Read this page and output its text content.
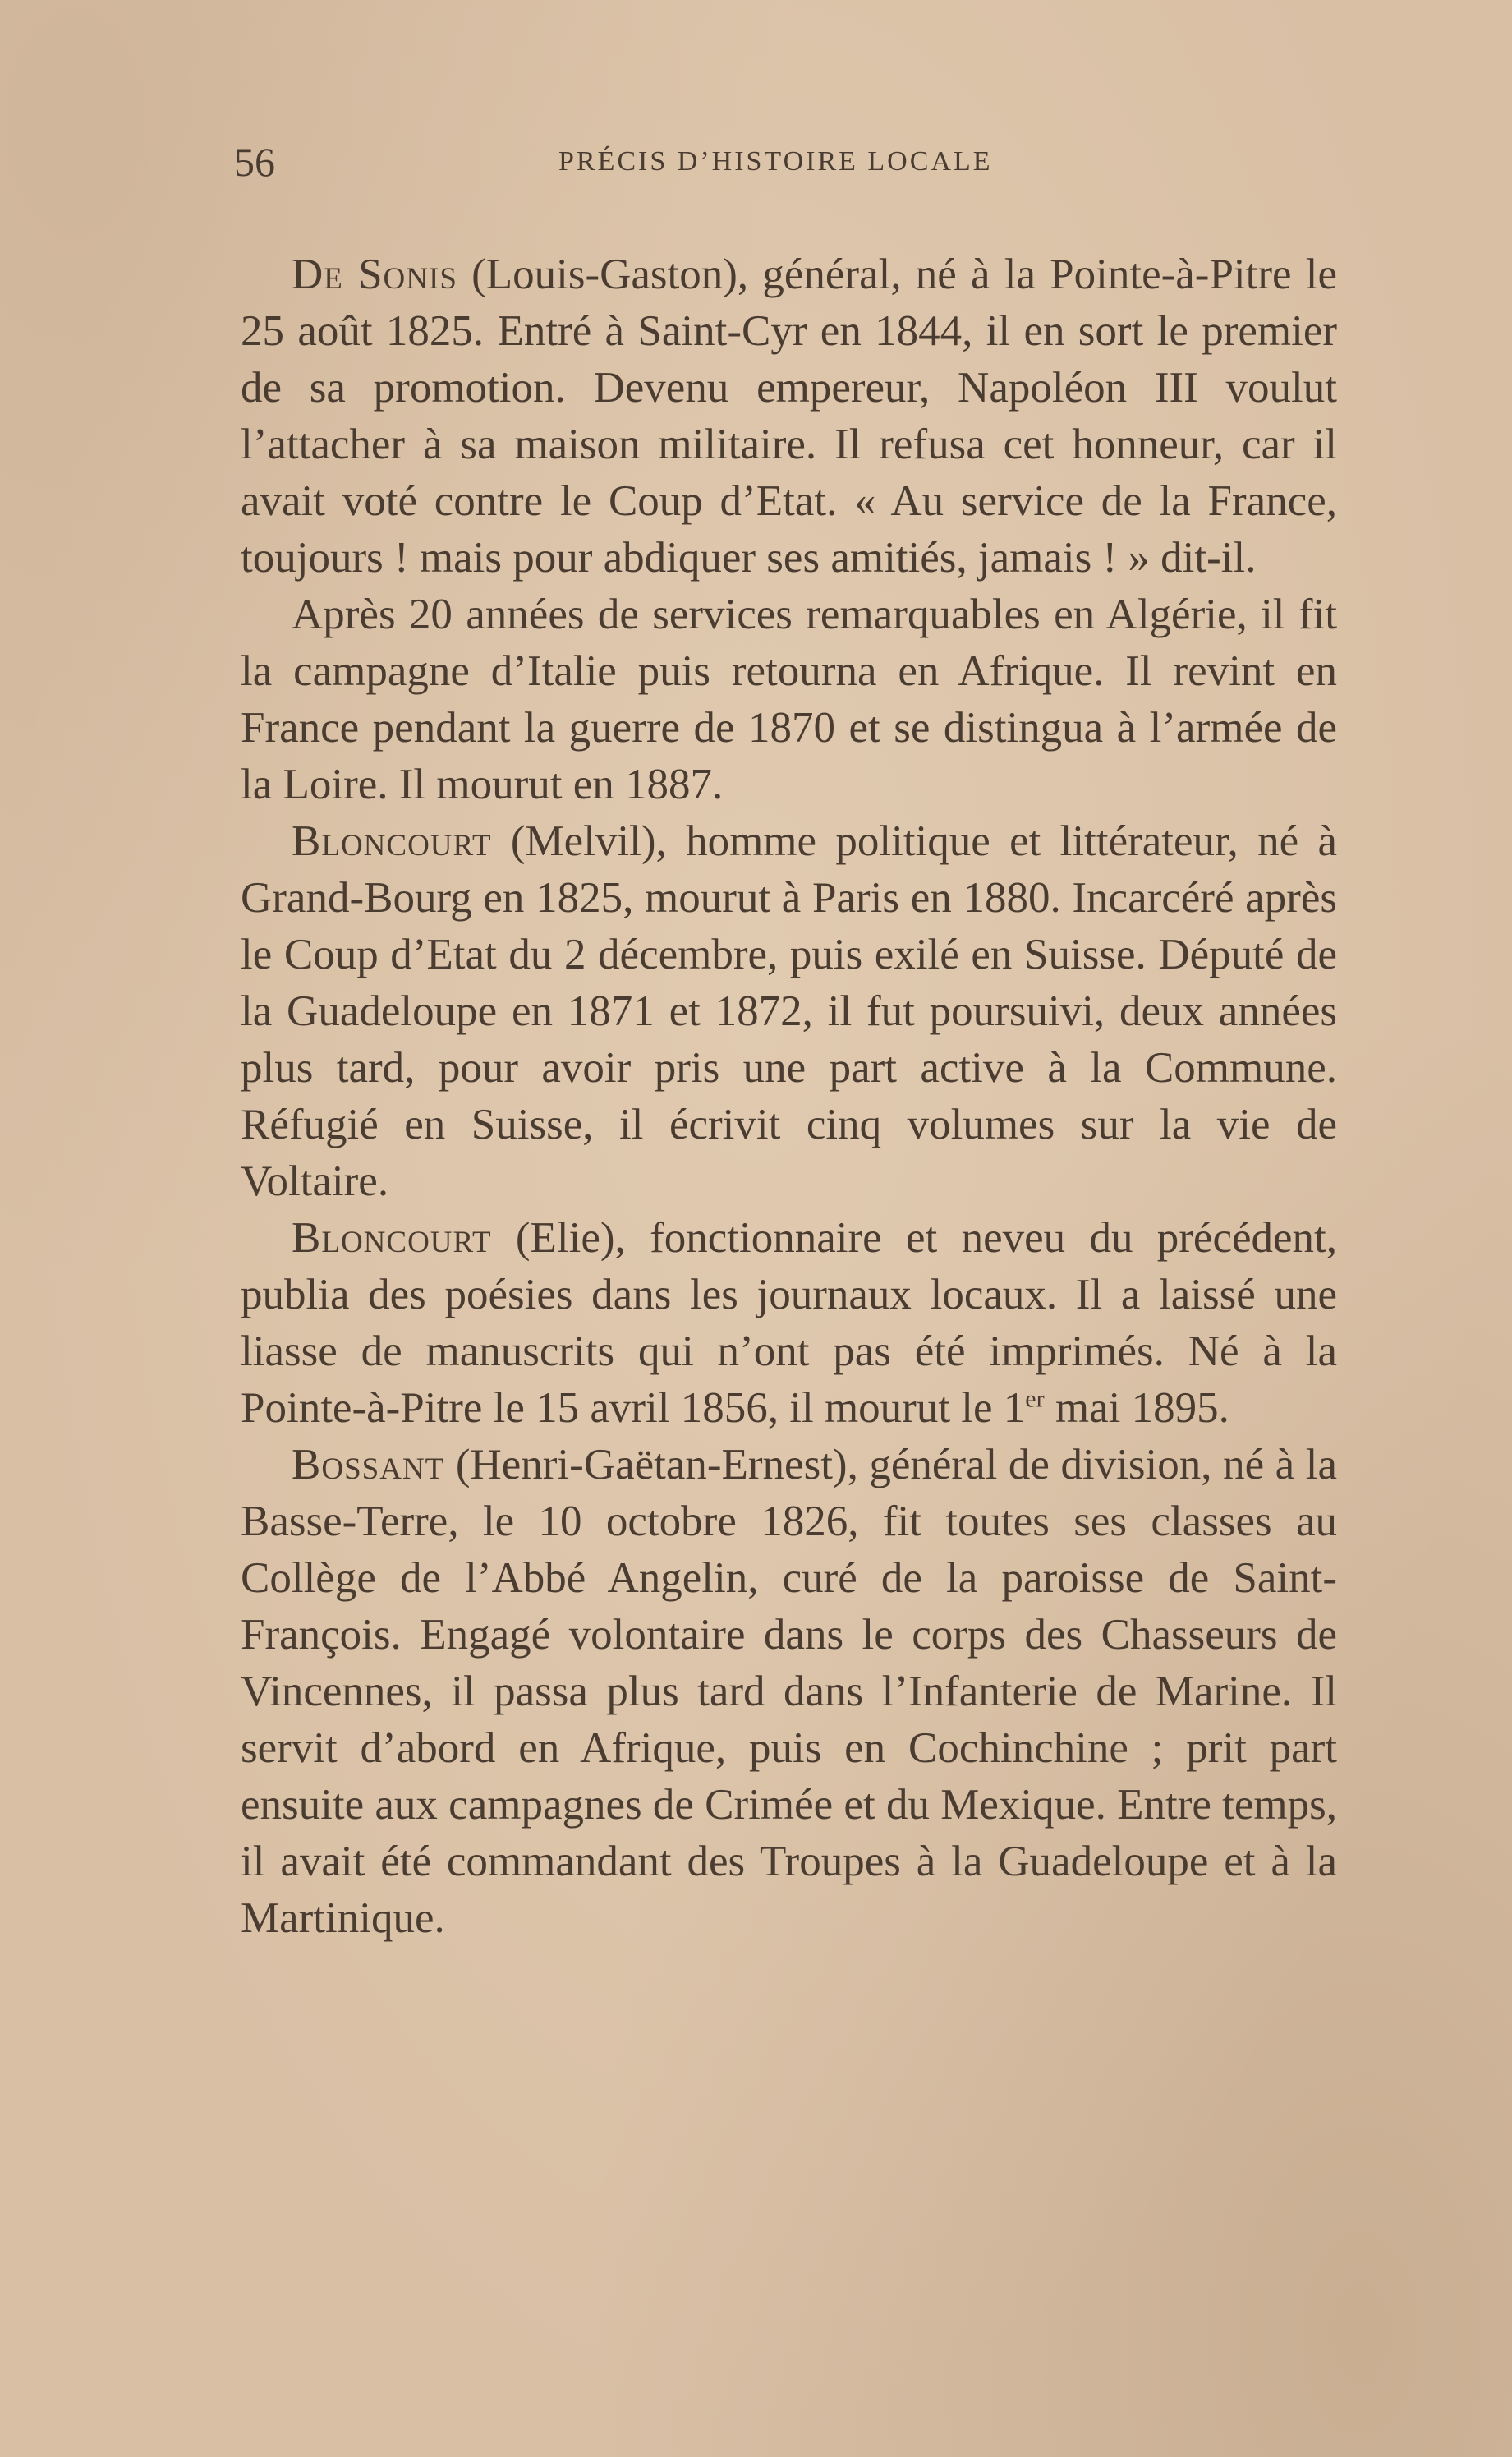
56	PRÉCIS D’HISTOIRE LOCALE

De Sonis (Louis-Gaston), général, né à la Pointe-à-Pitre le 25 août 1825. Entré à Saint-Cyr en 1844, il en sort le premier de sa promotion. Devenu empereur, Napoléon III voulut l’attacher à sa maison militaire. Il refusa cet honneur, car il avait voté contre le Coup d’Etat. « Au service de la France, toujours ! mais pour abdiquer ses amitiés, jamais ! » dit-il.

Après 20 années de services remarquables en Algérie, il fit la campagne d’Italie puis retourna en Afrique. Il revint en France pendant la guerre de 1870 et se distingua à l’armée de la Loire. Il mourut en 1887.

Bloncourt (Melvil), homme politique et littérateur, né à Grand-Bourg en 1825, mourut à Paris en 1880. Incarcéré après le Coup d’Etat du 2 décembre, puis exilé en Suisse. Député de la Guadeloupe en 1871 et 1872, il fut poursuivi, deux années plus tard, pour avoir pris une part active à la Commune. Réfugié en Suisse, il écrivit cinq volumes sur la vie de Voltaire.

Bloncourt (Elie), fonctionnaire et neveu du précédent, publia des poésies dans les journaux locaux. Il a laissé une liasse de manuscrits qui n’ont pas été imprimés. Né à la Pointe-à-Pitre le 15 avril 1856, il mourut le 1er mai 1895.

Bossant (Henri-Gaëtan-Ernest), général de division, né à la Basse-Terre, le 10 octobre 1826, fit toutes ses classes au Collège de l’Abbé Angelin, curé de la paroisse de Saint-François. Engagé volontaire dans le corps des Chasseurs de Vincennes, il passa plus tard dans l’Infanterie de Marine. Il servit d’abord en Afrique, puis en Cochinchine ; prit part ensuite aux campagnes de Crimée et du Mexique. Entre temps, il avait été commandant des Troupes à la Guadeloupe et à la Martinique.
